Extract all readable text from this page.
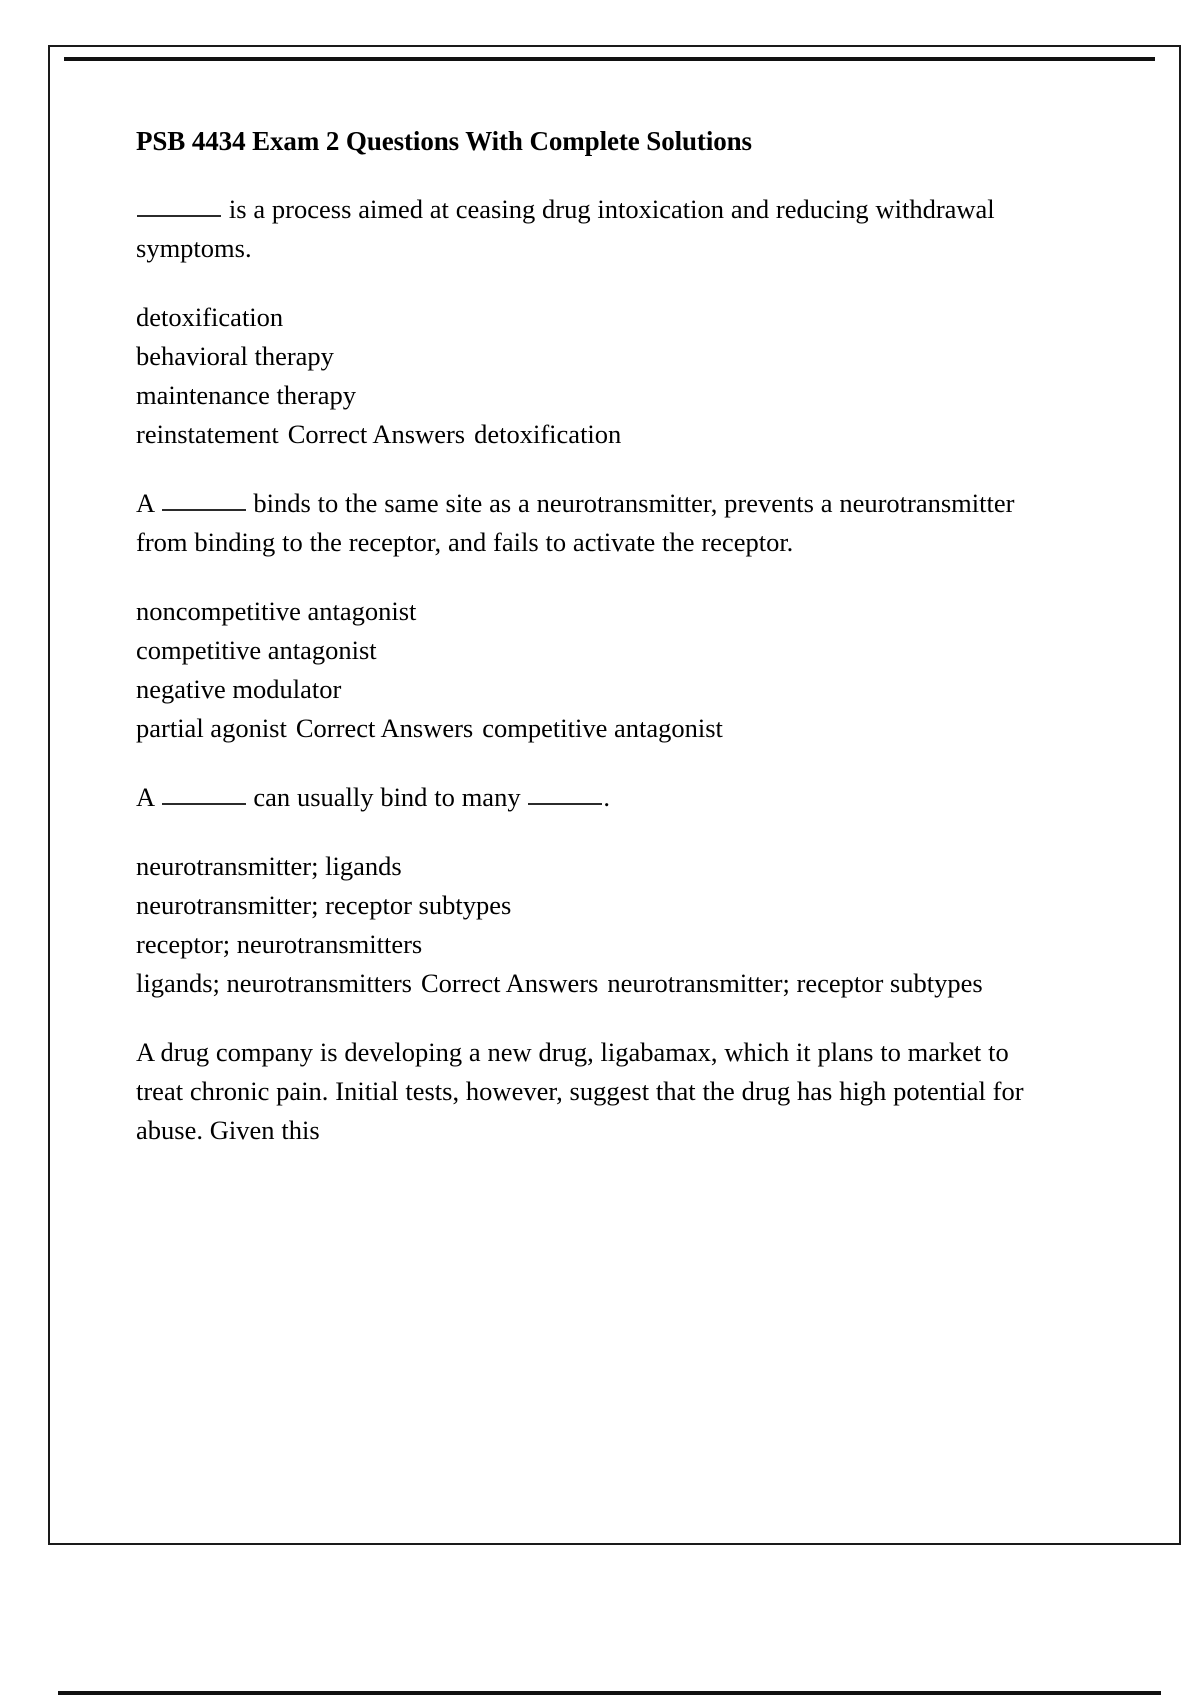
PSB 4434 Exam 2 Questions With Complete Solutions

is a process aimed at ceasing drug intoxication and reducing withdrawal symptoms.

detoxification
behavioral therapy
maintenance therapy
reinstatement Correct Answers detoxification

A	binds to the same site as a neurotransmitter, prevents a neurotransmitter from binding to the receptor, and fails to activate the receptor.

noncompetitive antagonist
competitive antagonist
negative modulator
partial agonist Correct Answers competitive antagonist

A	can usually bind to many	.

neurotransmitter; ligands
neurotransmitter; receptor subtypes
receptor; neurotransmitters
ligands; neurotransmitters Correct Answers neurotransmitter; receptor subtypes

A drug company is developing a new drug, ligabamax, which it plans to market to treat chronic pain. Initial tests, however, suggest that the drug has high potential for abuse. Given this
